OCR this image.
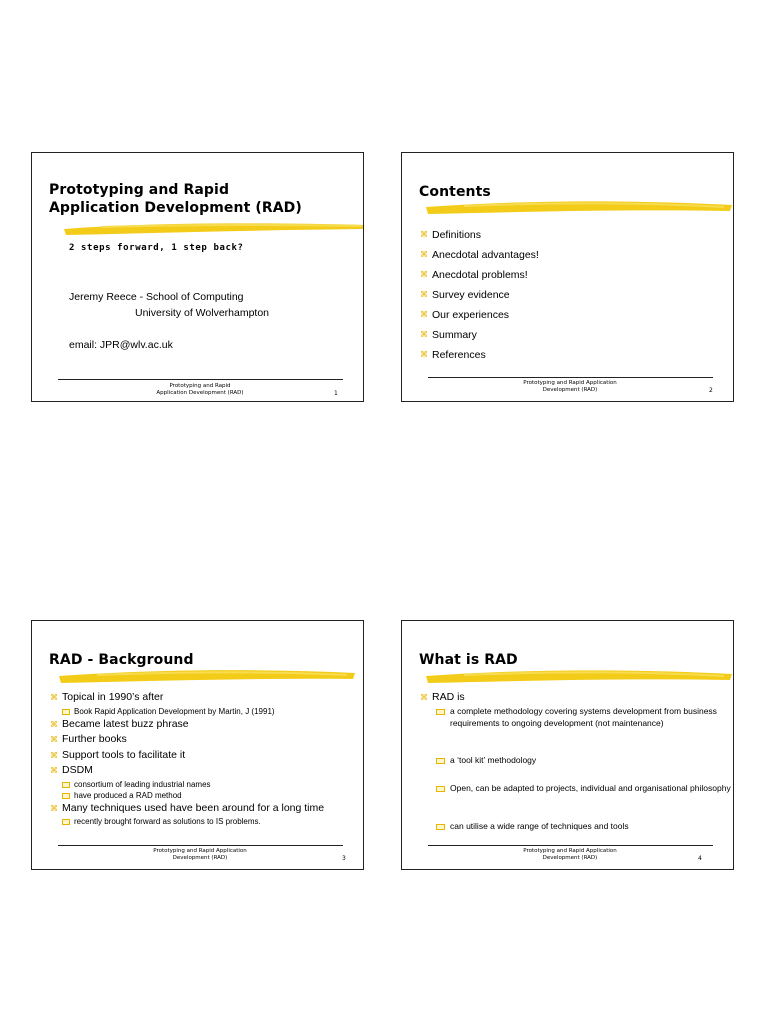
Prototyping and Rapid
Application Development (RAD)
2 steps forward, 1 step back?
Jeremy Reece - School of Computing
University of Wolverhampton
email: JPR@wlv.ac.uk
Prototyping and Rapid
Application Development (RAD)	1
Contents
⌘ Definitions
⌘ Anecdotal advantages!
⌘ Anecdotal problems!
⌘ Survey evidence
⌘ Our experiences
⌘ Summary
⌘ References
Prototyping and Rapid Application
Development (RAD)	2
RAD - Background
⌘ Topical in 1990’s after
Book Rapid Application Development by Martin, J (1991)
⌘ Became latest buzz phrase
⌘ Further books
⌘ Support tools to facilitate it
⌘ DSDM
consortium of leading industrial names
have produced a RAD method
⌘ Many techniques used have been around for a long time
recently brought forward as solutions to IS problems.
Prototyping and Rapid Application
Development (RAD)	3
What is RAD
⌘ RAD is
a complete methodology covering systems development from business requirements to ongoing development (not maintenance)
a ‘tool kit’ methodology
Open, can be adapted to projects, individual and organisational philosophy
can utilise a wide range of techniques and tools
Prototyping and Rapid Application
Development (RAD)	4
